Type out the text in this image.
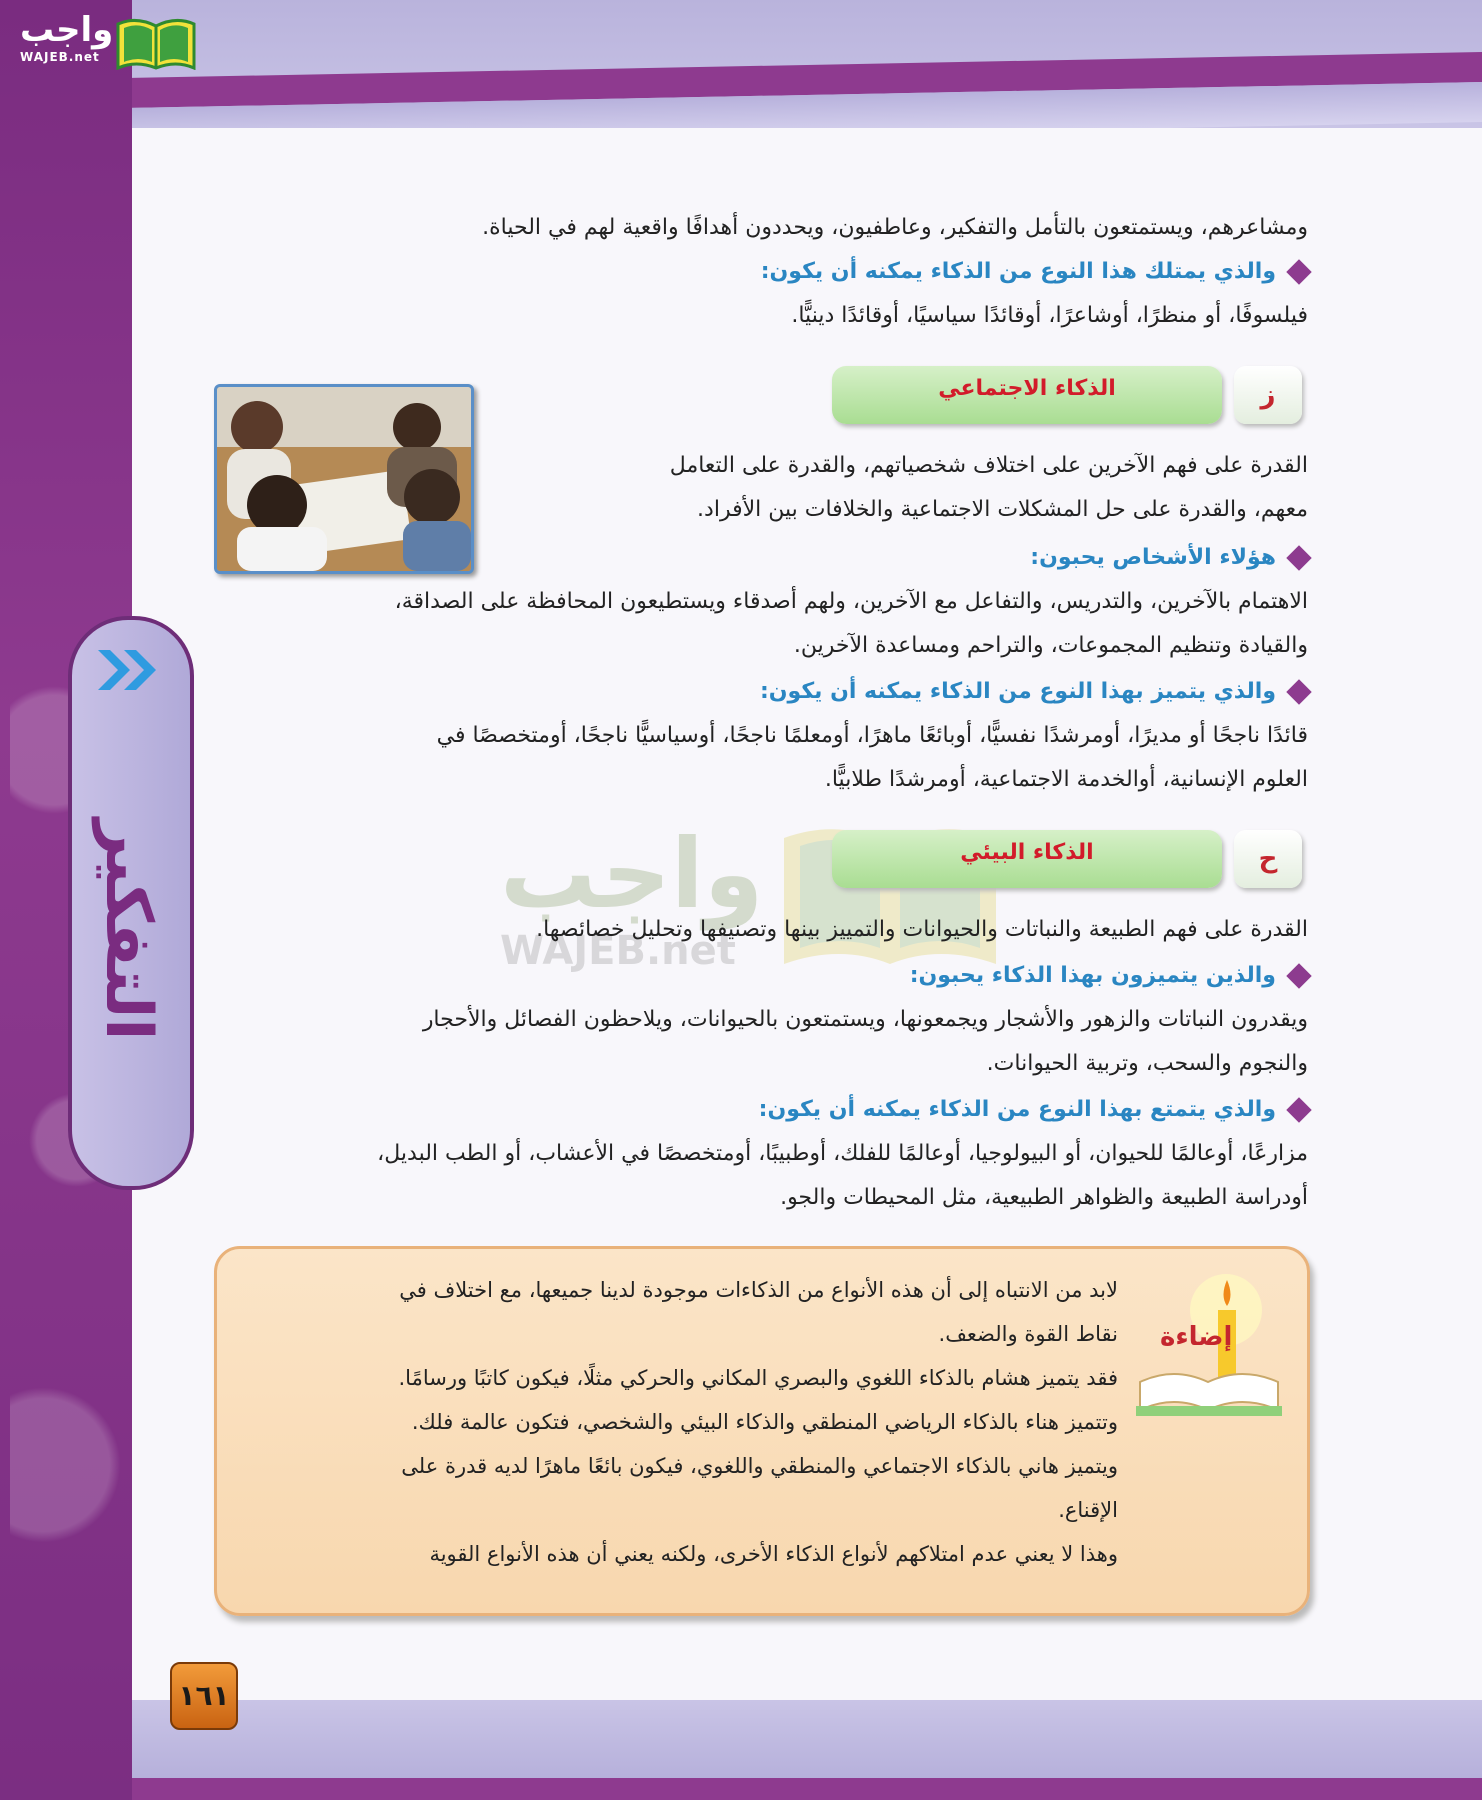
واجب
WAJEB.net
التفكير
ومشاعرهم، ويستمتعون بالتأمل والتفكير، وعاطفيون، ويحددون أهدافًا واقعية لهم في الحياة.
والذي يمتلك هذا النوع من الذكاء يمكنه أن يكون:
فيلسوفًا، أو منظرًا، أوشاعرًا، أوقائدًا سياسيًا، أوقائدًا دينيًّا.
الذكاء الاجتماعي	ز
القدرة على فهم الآخرين على اختلاف شخصياتهم، والقدرة على التعامل
معهم، والقدرة على حل المشكلات الاجتماعية والخلافات بين الأفراد.
هؤلاء الأشخاص يحبون:
الاهتمام بالآخرين، والتدريس، والتفاعل مع الآخرين، ولهم أصدقاء ويستطيعون المحافظة على الصداقة،
والقيادة وتنظيم المجموعات، والتراحم ومساعدة الآخرين.
والذي يتميز بهذا النوع من الذكاء يمكنه أن يكون:
قائدًا ناجحًا أو مديرًا، أومرشدًا نفسيًّا، أوبائعًا ماهرًا، أومعلمًا ناجحًا، أوسياسيًّا ناجحًا، أومتخصصًا في
العلوم الإنسانية، أوالخدمة الاجتماعية، أومرشدًا طلابيًّا.
واجب
WAJEB.net
الذكاء البيئي	ح
القدرة على فهم الطبيعة والنباتات والحيوانات والتمييز بينها وتصنيفها وتحليل خصائصها.
والذين يتميزون بهذا الذكاء يحبون:
ويقدرون النباتات والزهور والأشجار ويجمعونها، ويستمتعون بالحيوانات، ويلاحظون الفصائل والأحجار
والنجوم والسحب، وتربية الحيوانات.
والذي يتمتع بهذا النوع من الذكاء يمكنه أن يكون:
مزارعًا، أوعالمًا للحيوان، أو البيولوجيا، أوعالمًا للفلك، أوطبيبًا، أومتخصصًا في الأعشاب، أو الطب البديل،
أودراسة الطبيعة والظواهر الطبيعية، مثل المحيطات والجو.
إضاءة
لابد من الانتباه إلى أن هذه الأنواع من الذكاءات موجودة لدينا جميعها، مع اختلاف في
نقاط القوة والضعف.
فقد يتميز هشام بالذكاء اللغوي والبصري المكاني والحركي مثلًا، فيكون كاتبًا ورسامًا.
وتتميز هناء بالذكاء الرياضي المنطقي والذكاء البيئي والشخصي، فتكون عالمة فلك.
ويتميز هاني بالذكاء الاجتماعي والمنطقي واللغوي، فيكون بائعًا ماهرًا لديه قدرة على
الإقناع.
وهذا لا يعني عدم امتلاكهم لأنواع الذكاء الأخرى، ولكنه يعني أن هذه الأنواع القوية
١٦١
